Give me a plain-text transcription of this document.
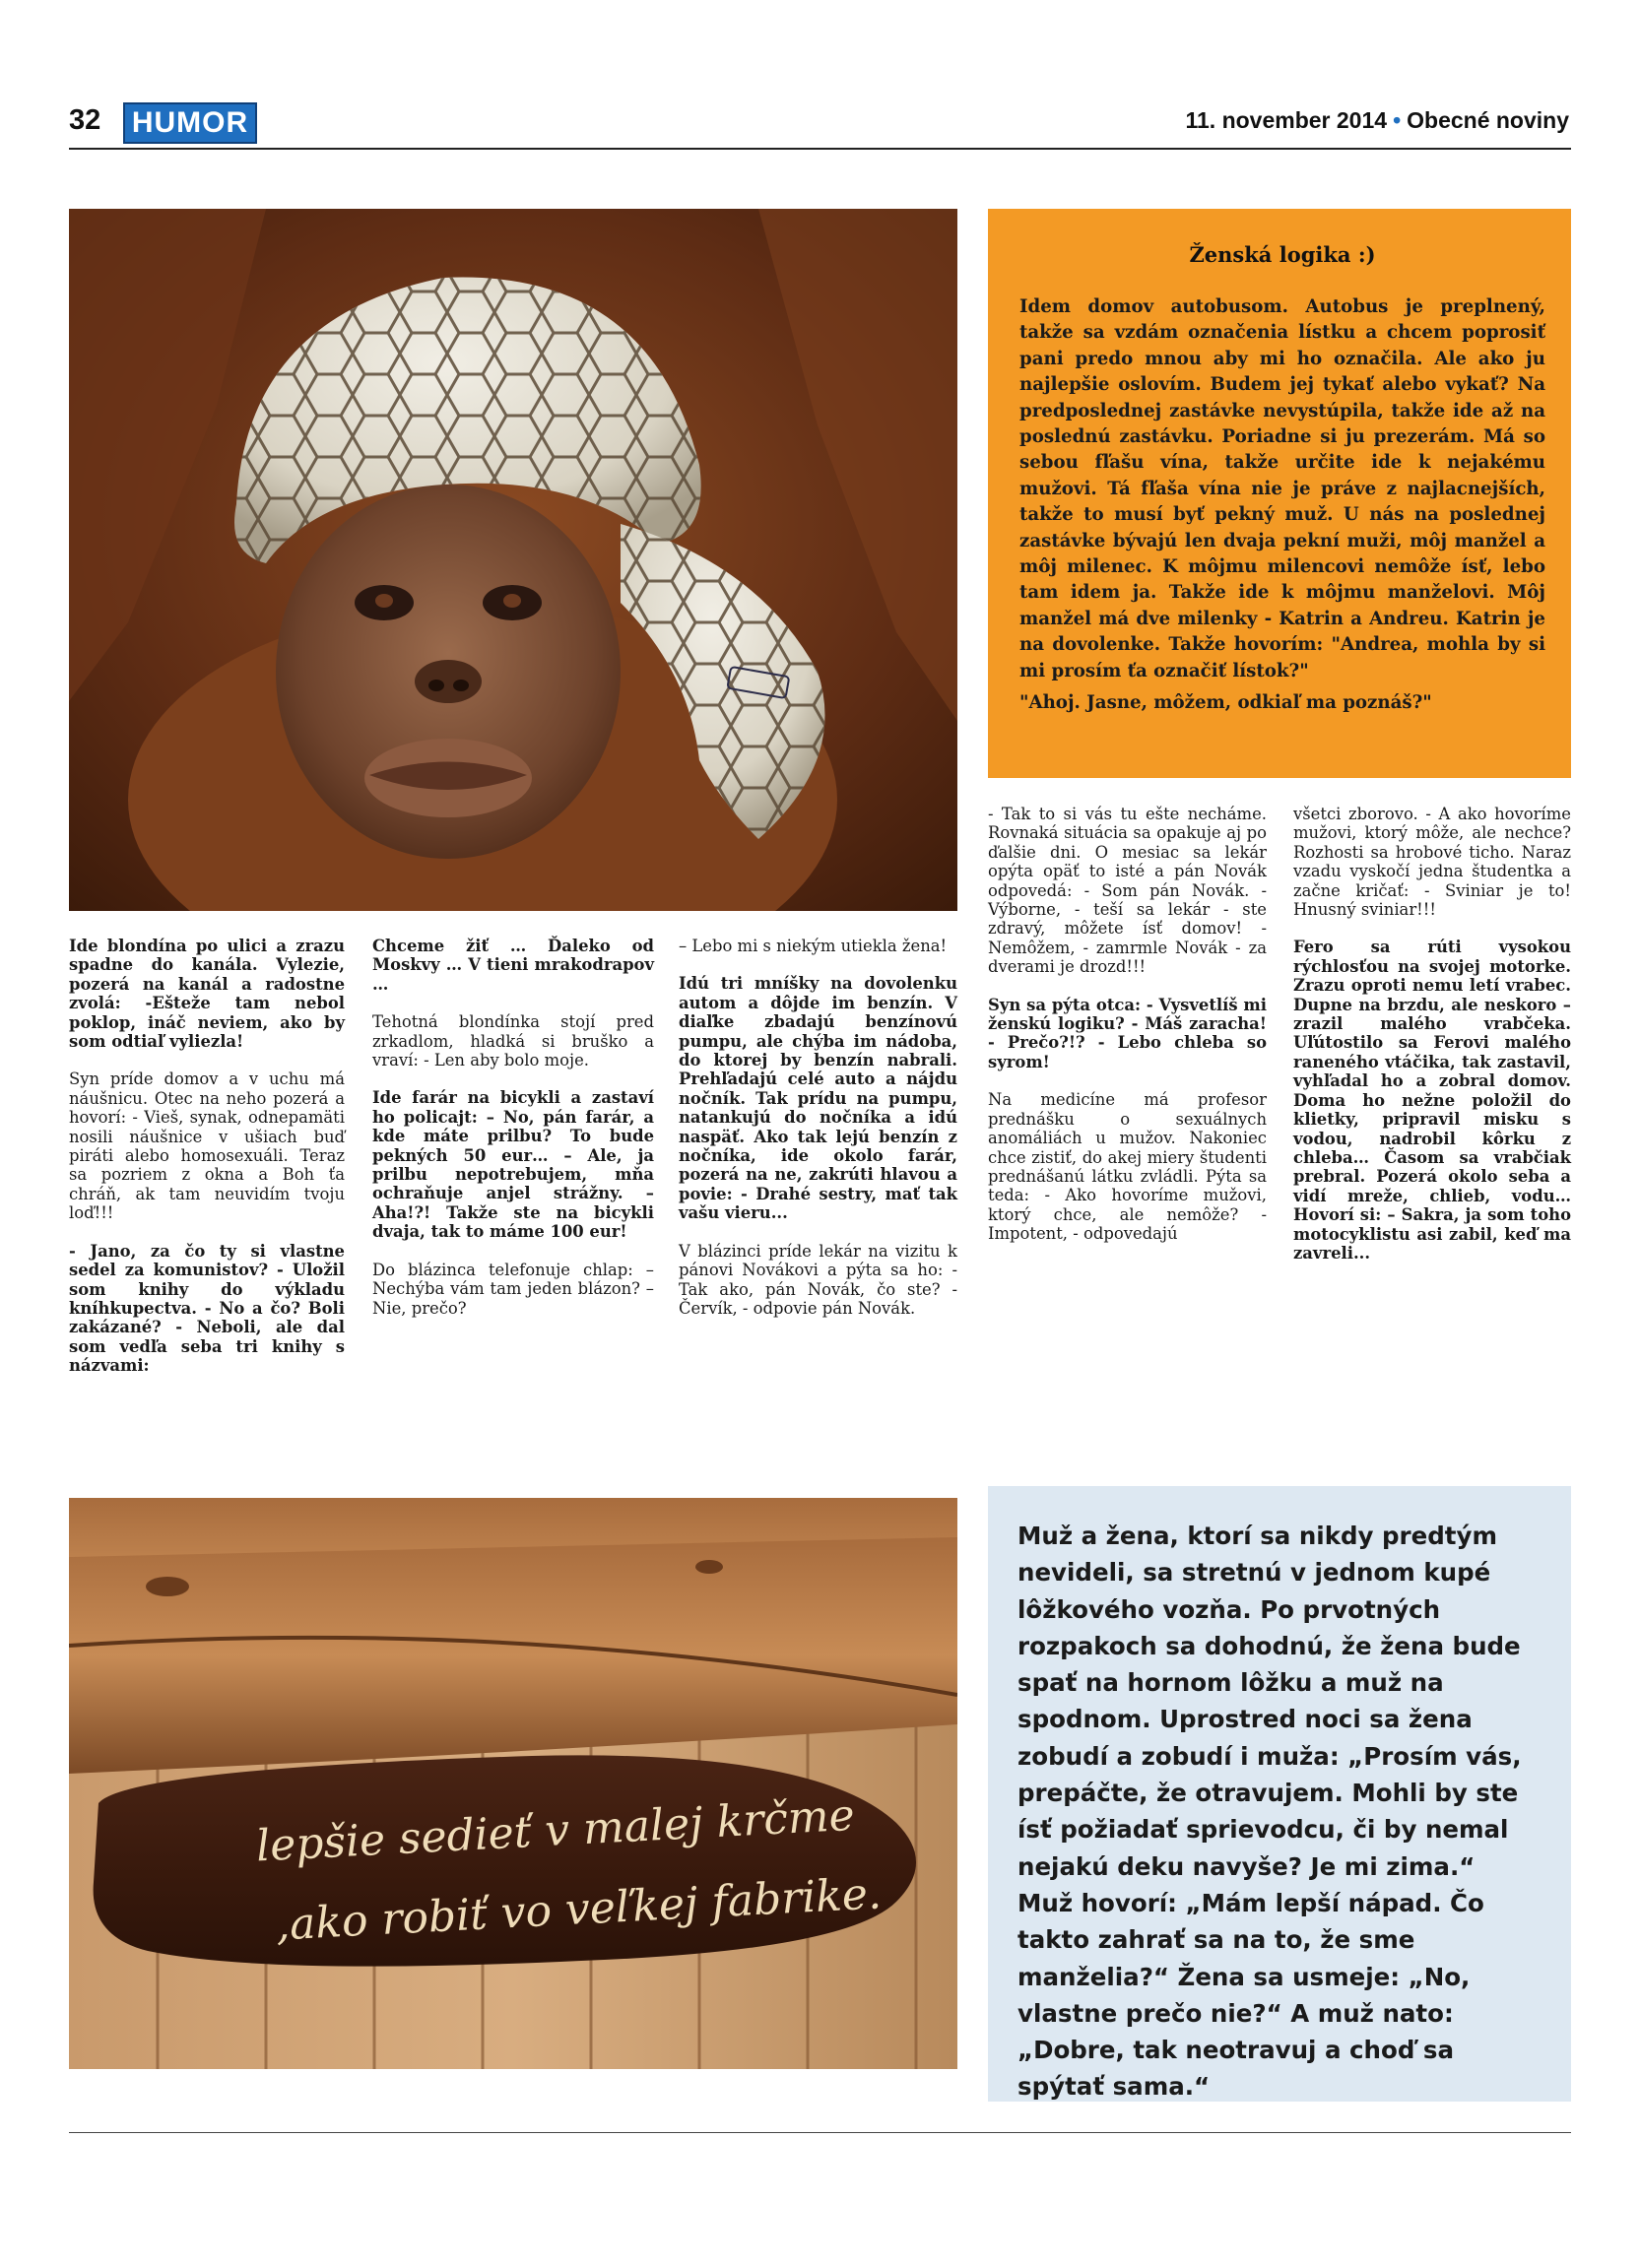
32 HUMOR	11. november 2014 • Obecné noviny
Ženská logika :)

Idem domov autobusom. Autobus je preplnený, takže sa vzdám označenia lístku a chcem poprosiť pani predo mnou aby mi ho označila. Ale ako ju najlepšie oslovím. Budem jej tykať alebo vykať? Na predposlednej zastávke nevystúpila, takže ide až na poslednú zastávku. Poriadne si ju prezerám. Má so sebou fľašu vína, takže určite ide k nejakému mužovi. Tá fľaša vína nie je práve z najlacnejších, takže to musí byť pekný muž. U nás na poslednej zastávke bývajú len dvaja pekní muži, môj manžel a môj milenec. K môjmu milencovi nemôže ísť, lebo tam idem ja. Takže ide k môjmu manželovi. Môj manžel má dve milenky - Katrin a Andreu. Katrin je na dovolenke. Takže hovorím: "Andrea, mohla by si mi prosím ťa označiť lístok?"

"Ahoj. Jasne, môžem, odkiaľ ma poznáš?"

Ide blondína po ulici a zrazu spadne do kanála. Vylezie, pozerá na kanál a radostne zvolá: -Ešteže tam nebol poklop, ináč neviem, ako by som odtiaľ vyliezla!

Syn príde domov a v uchu má náušnicu. Otec na neho pozerá a hovorí: - Vieš, synak, odnepamäti nosili náušnice v ušiach buď piráti alebo homosexuáli. Teraz sa pozriem z okna a Boh ťa chráň, ak tam neuvidím tvoju loď!!!

- Jano, za čo ty si vlastne sedel za komunistov? - Uložil som knihy do výkladu kníhkupectva. - No a čo? Boli zakázané? - Neboli, ale dal som vedľa seba tri knihy s názvami:

Chceme žiť … Ďaleko od Moskvy … V tieni mrakodrapov …

Tehotná blondínka stojí pred zrkadlom, hladká si bruško a vraví: - Len aby bolo moje.

Ide farár na bicykli a zastaví ho policajt: – No, pán farár, a kde máte prilbu? To bude pekných 50 eur… – Ale, ja prilbu nepotrebujem, mňa ochraňuje anjel strážny. – Aha!?! Takže ste na bicykli dvaja, tak to máme 100 eur!

Do blázinca telefonuje chlap: – Nechýba vám tam jeden blázon? – Nie, prečo?

– Lebo mi s niekým utiekla žena!

Idú tri mníšky na dovolenku autom a dôjde im benzín. V diaľke zbadajú benzínovú pumpu, ale chýba im nádoba, do ktorej by benzín nabrali. Prehľadajú celé auto a nájdu nočník. Tak prídu na pumpu, natankujú do nočníka a idú naspäť. Ako tak lejú benzín z nočníka, ide okolo farár, pozerá na ne, zakrúti hlavou a povie: - Drahé sestry, mať tak vašu vieru...

V blázinci príde lekár na vizitu k pánovi Novákovi a pýta sa ho: - Tak ako, pán Novák, čo ste? - Červík, - odpovie pán Novák.

- Tak to si vás tu ešte necháme. Rovnaká situácia sa opakuje aj po ďalšie dni. O mesiac sa lekár opýta opäť to isté a pán Novák odpovedá: - Som pán Novák. - Výborne, - teší sa lekár - ste zdravý, môžete ísť domov! - Nemôžem, - zamrmle Novák - za dverami je drozd!!!

Syn sa pýta otca: - Vysvetlíš mi ženskú logiku? - Máš zaracha! - Prečo?!? - Lebo chleba so syrom!

Na medicíne má profesor prednášku o sexuálnych anomáliách u mužov. Nakoniec chce zistiť, do akej miery študenti prednášanú látku zvládli. Pýta sa teda: - Ako hovoríme mužovi, ktorý chce, ale nemôže? - Impotent, - odpovedajú

všetci zborovo. - A ako hovoríme mužovi, ktorý môže, ale nechce? Rozhosti sa hrobové ticho. Naraz vzadu vyskočí jedna študentka a začne kričať: - Sviniar je to! Hnusný sviniar!!!

Fero sa rúti vysokou rýchlosťou na svojej motorke. Zrazu oproti nemu letí vrabec. Dupne na brzdu, ale neskoro – zrazil malého vrabčeka. Uľútostilo sa Ferovi malého raneného vtáčika, tak zastavil, vyhľadal ho a zobral domov. Doma ho nežne položil do klietky, pripravil misku s vodou, nadrobil kôrku z chleba… Časom sa vrabčiak prebral. Pozerá okolo seba a vidí mreže, chlieb, vodu… Hovorí si: – Sakra, ja som toho motocyklistu asi zabil, keď ma zavreli...

lepšie sedieť v malej krčme
,ako robiť vo veľkej fabrike.

Muž a žena, ktorí sa nikdy predtým nevideli, sa stretnú v jednom kupé lôžkového vozňa. Po prvotných rozpakoch sa dohodnú, že žena bude spať na hornom lôžku a muž na spodnom. Uprostred noci sa žena zobudí a zobudí i muža: „Prosím vás, prepáčte, že otravujem. Mohli by ste ísť požiadať sprievodcu, či by nemal nejakú deku navyše? Je mi zima.“ Muž hovorí: „Mám lepší nápad. Čo takto zahrať sa na to, že sme manželia?“ Žena sa usmeje: „No, vlastne prečo nie?“ A muž nato: „Dobre, tak neotravuj a choď sa spýtať sama.“
